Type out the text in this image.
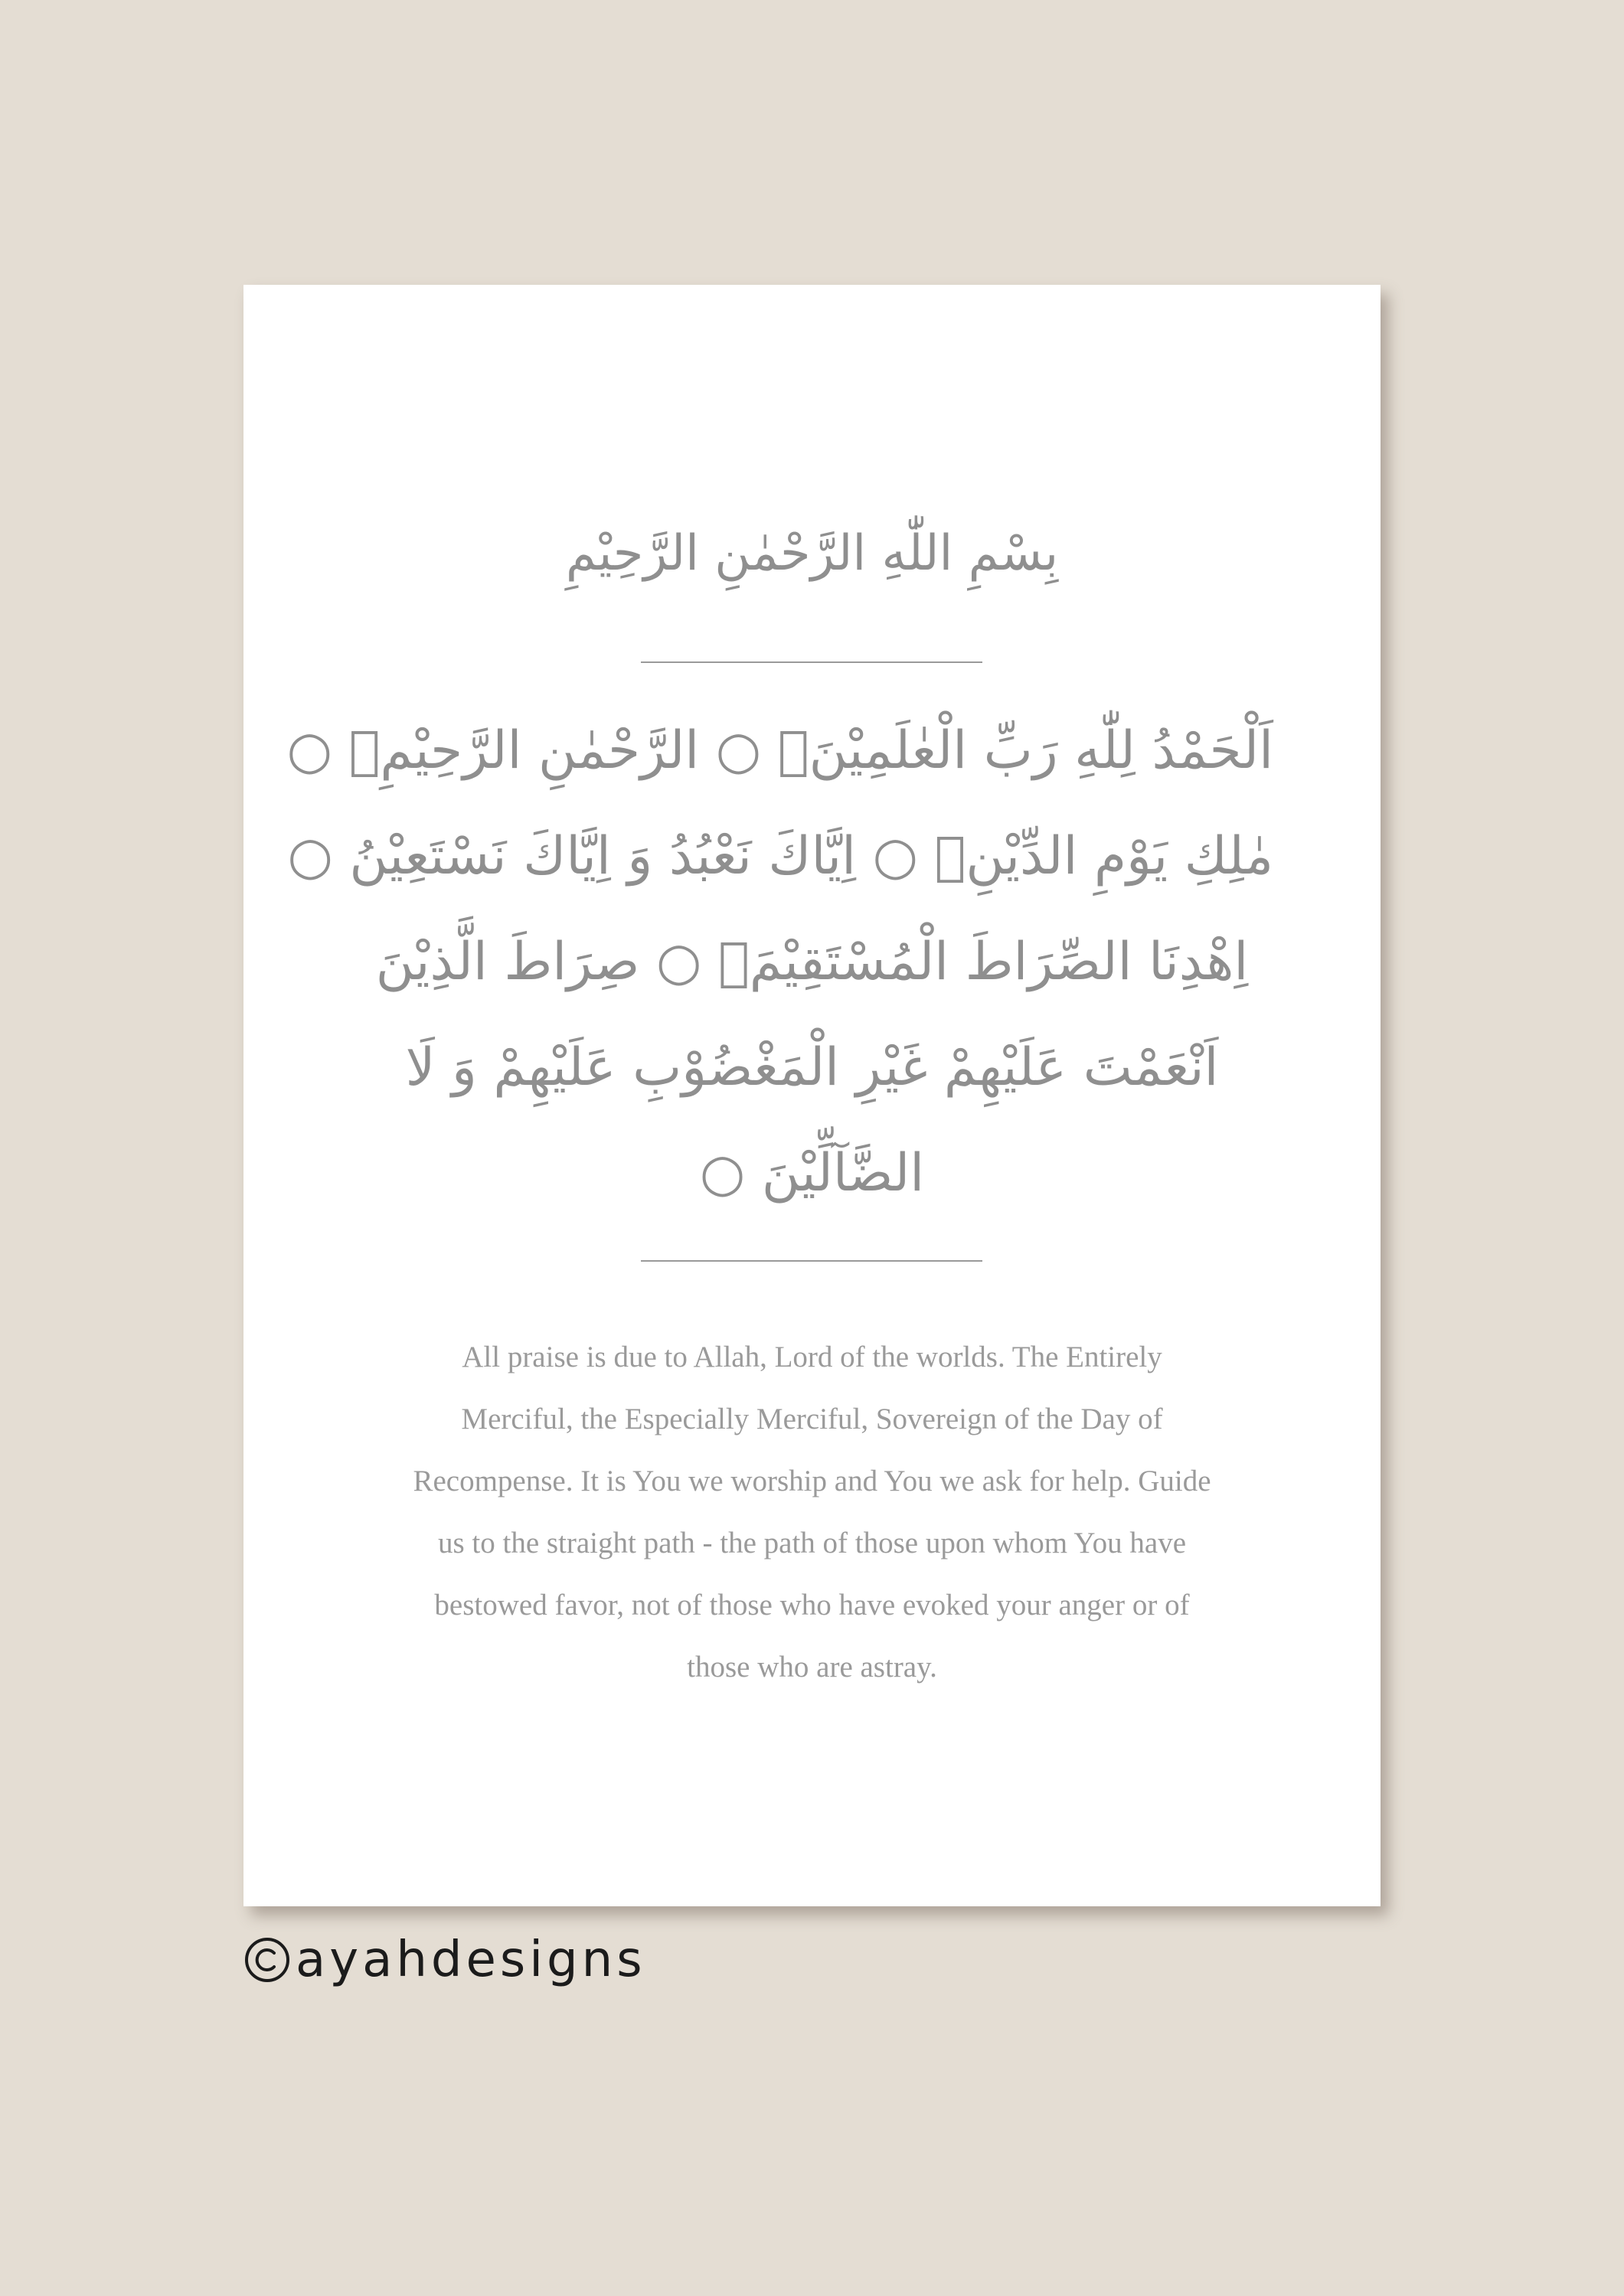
بِسْمِ اللّٰهِ الرَّحْمٰنِ الرَّحِيْمِ
اَلْحَمْدُ لِلّٰهِ رَبِّ الْعٰلَمِيْنَۙ ○ الرَّحْمٰنِ الرَّحِيْمِۙ ○
مٰلِكِ يَوْمِ الدِّيْنِۗ ○ اِيَّاكَ نَعْبُدُ وَ اِيَّاكَ نَسْتَعِيْنُ ○
اِهْدِنَا الصِّرَاطَ الْمُسْتَقِيْمَۙ ○ صِرَاطَ الَّذِيْنَ
اَنْعَمْتَ عَلَيْهِمْ غَيْرِ الْمَغْضُوْبِ عَلَيْهِمْ وَ لَا
الضَّآلِّيْنَ ○
All praise is due to Allah, Lord of the worlds. The Entirely
Merciful, the Especially Merciful, Sovereign of the Day of
Recompense. It is You we worship and You we ask for help. Guide
us to the straight path - the path of those upon whom You have
bestowed favor, not of those who have evoked your anger or of
those who are astray.
ayahdesigns
